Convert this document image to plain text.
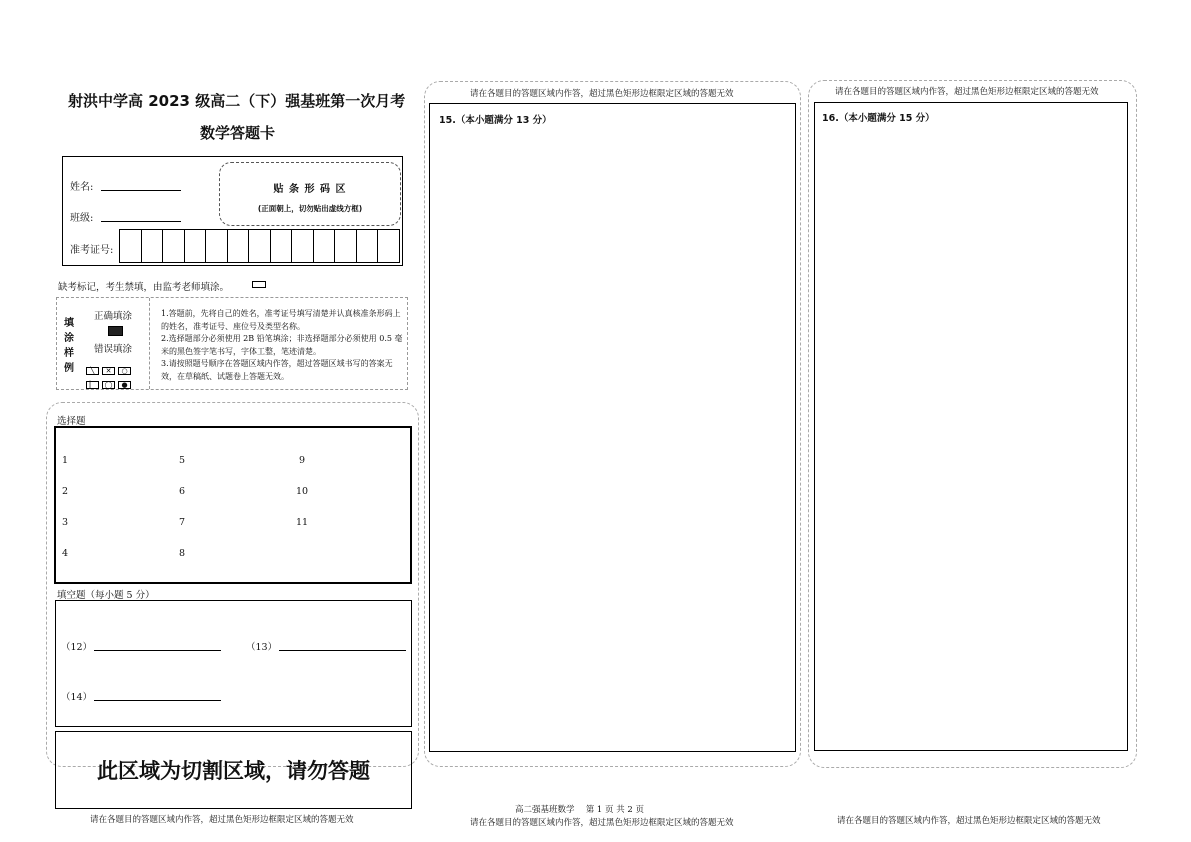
射洪中学高 2023 级高二（下）强基班第一次月考
数学答题卡
姓名:
班级:
贴 条 形 码 区
(正面朝上，切勿贴出虚线方框)
准考证号:
缺考标记，考生禁填，由监考老师填涂。
填涂样例
正确填涂
错误填涂
╲ ✕ ○
▏ ◯ ●
1.答题前，先将自己的姓名，准考证号填写清楚并认真核准条形码上的姓名，准考证号、座位号及类型名称。
2.选择题部分必须使用 2B 铅笔填涂；非选择题部分必须使用 0.5 毫米的黑色签字笔书写，字体工整，笔迹清楚。
3.请按照题号顺序在答题区域内作答，超过答题区域书写的答案无效，在草稿纸、试题卷上答题无效。
选择题
1
2
3
4
5
6
7
8
9
10
11
填空题（每小题 5 分）
（12）	（13）
（14）
此区域为切割区域，请勿答题
请在各题目的答题区域内作答，超过黑色矩形边框限定区域的答题无效
请在各题目的答题区域内作答，超过黑色矩形边框限定区域的答题无效
15.（本小题满分 13 分）
高二强基班数学　 第 1 页 共 2 页
请在各题目的答题区域内作答，超过黑色矩形边框限定区域的答题无效
请在各题目的答题区域内作答，超过黑色矩形边框限定区域的答题无效
16.（本小题满分 15 分）
请在各题目的答题区域内作答，超过黑色矩形边框限定区域的答题无效
